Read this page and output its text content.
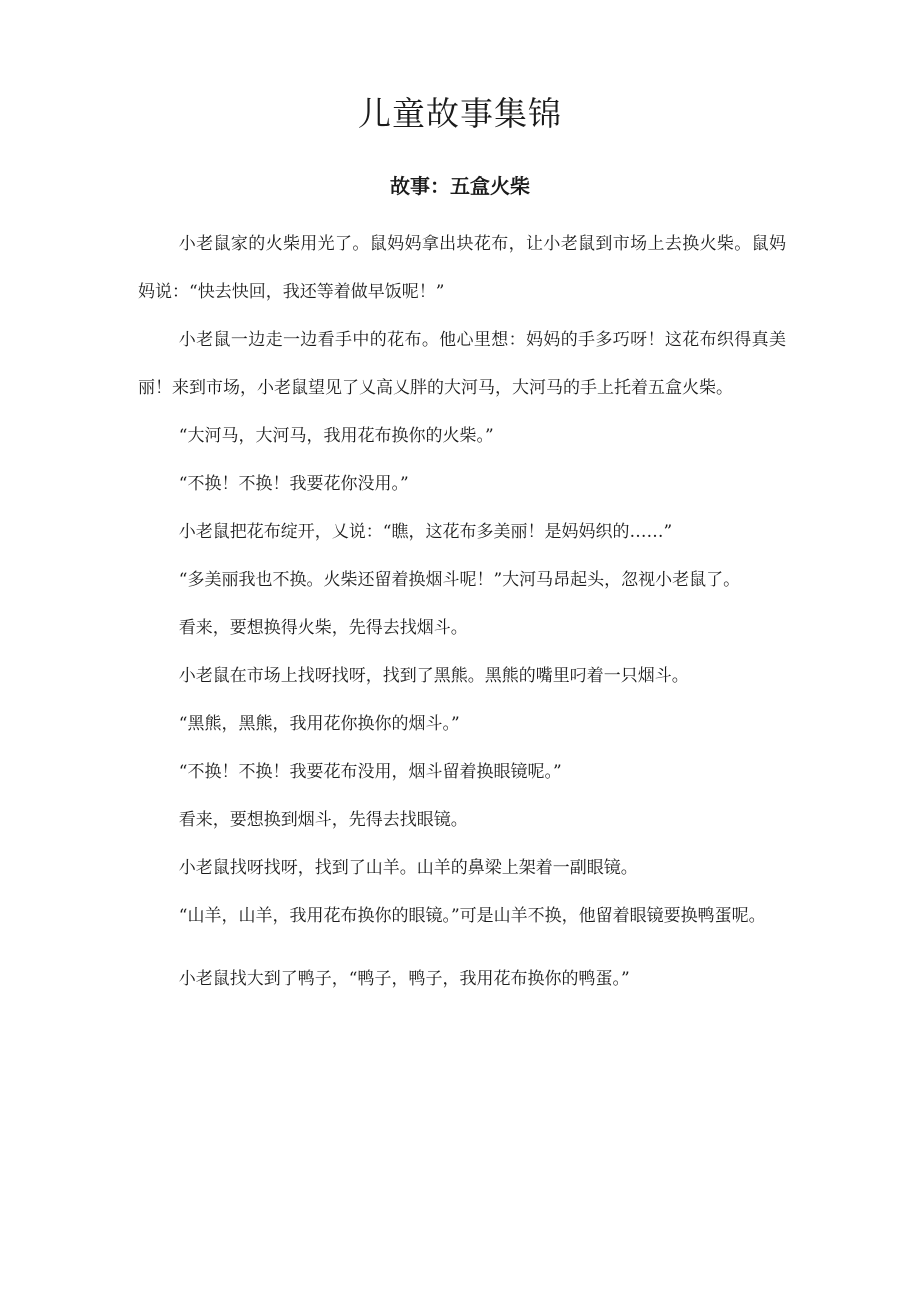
儿童故事集锦
故事：五盒火柴

小老鼠家的火柴用光了。鼠妈妈拿出块花布，让小老鼠到市场上去换火柴。鼠妈妈说：“快去快回，我还等着做早饭呢！”

小老鼠一边走一边看手中的花布。他心里想：妈妈的手多巧呀！这花布织得真美丽！来到市场，小老鼠望见了乂高乂胖的大河马，大河马的手上托着五盒火柴。

“大河马，大河马，我用花布换你的火柴。”

“不换！不换！我要花你没用。”

小老鼠把花布绽开，乂说：“瞧，这花布多美丽！是妈妈织的……”

“多美丽我也不换。火柴还留着换烟斗呢！”大河马昂起头，忽视小老鼠了。

看来，要想换得火柴，先得去找烟斗。

小老鼠在市场上找呀找呀，找到了黑熊。黑熊的嘴里叼着一只烟斗。

“黑熊，黑熊，我用花你换你的烟斗。”

“不换！不换！我要花布没用，烟斗留着换眼镜呢。”

看来，要想换到烟斗，先得去找眼镜。

小老鼠找呀找呀，找到了山羊。山羊的鼻梁上架着一副眼镜。

“山羊，山羊，我用花布换你的眼镜。”可是山羊不换，他留着眼镜要换鸭蛋呢。

小老鼠找大到了鸭子，“鸭子，鸭子，我用花布换你的鸭蛋。”
